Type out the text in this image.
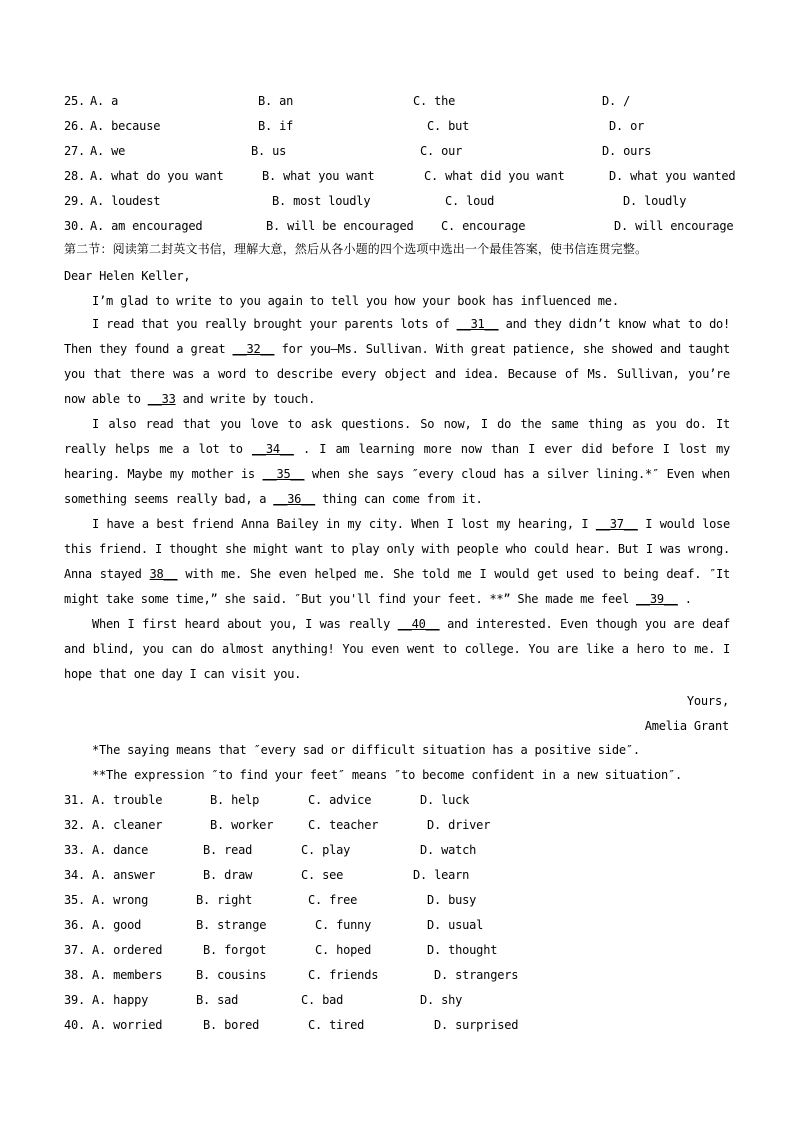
25. A. a	B. an	C. the	D. /
26. A. because	B. if	C. but	D. or
27. A. we	B. us	C. our	D. ours
28. A. what do you want	B. what you want	C. what did you want	D. what you wanted
29. A. loudest	B. most loudly	C. loud	D. loudly
30. A. am encouraged	B. will be encouraged C. encourage	D. will encourage
第二节：阅读第二封英文书信，理解大意，然后从各小题的四个选项中选出一个最佳答案，使书信连贯完整。
Dear Helen Keller,
I’m glad to write to you again to tell you how your book has influenced me.
I read that you really brought your parents lots of __31__ and they didn’t know what to do! Then they found a great __32__ for you—Ms. Sullivan. With great patience, she showed and taught you that there was a word to describe every object and idea. Because of Ms. Sullivan, you’re now able to __33 and write by touch.
I also read that you love to ask questions. So now, I do the same thing as you do. It really helps me a lot to __34__ . I am learning more now than I ever did before I lost my hearing. Maybe my mother is __35__ when she says ″every cloud has a silver lining.*″ Even when something seems really bad, a __36__ thing can come from it.
I have a best friend Anna Bailey in my city. When I lost my hearing, I __37__ I would lose this friend. I thought she might want to play only with people who could hear. But I was wrong. Anna stayed 38__ with me. She even helped me. She told me I would get used to being deaf. ″It might take some time,” she said. ″But you'll find your feet. **” She made me feel __39__ .
When I first heard about you, I was really __40__ and interested. Even though you are deaf and blind, you can do almost anything! You even went to college. You are like a hero to me. I hope that one day I can visit you.
Yours,
Amelia Grant
*The saying means that ″every sad or difficult situation has a positive side″.
**The expression ″to find your feet″ means ″to become confident in a new situation″.
31. A. trouble	B. help	C. advice	D. luck
32. A. cleaner	B. worker	C. teacher	D. driver
33. A. dance	B. read	C. play	D. watch
34. A. answer	B. draw	C. see	D. learn
35. A. wrong	B. right	C. free	D. busy
36. A. good	B. strange	C. funny	D. usual
37. A. ordered	B. forgot	C. hoped	D. thought
38. A. members	B. cousins	C. friends	D. strangers
39. A. happy	B. sad	C. bad	D. shy
40. A. worried	B. bored	C. tired	D. surprised
